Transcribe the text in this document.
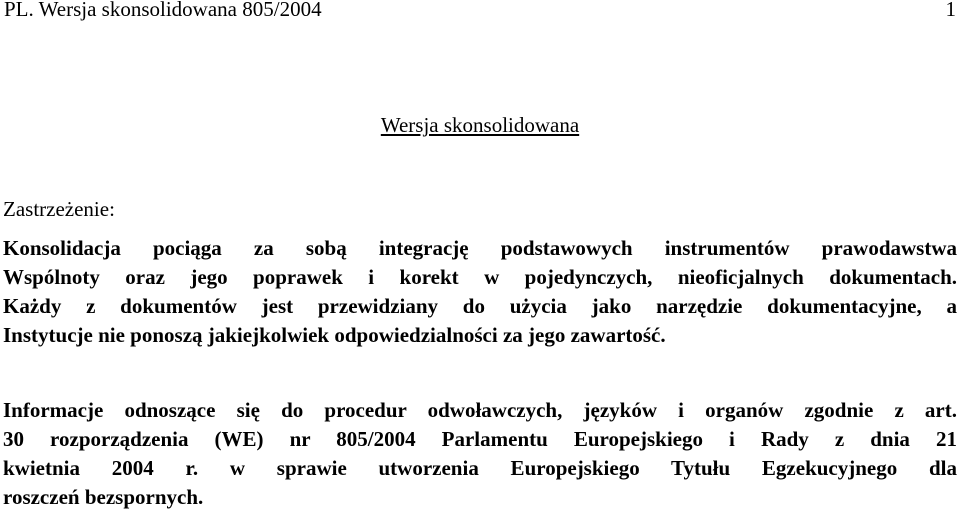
PL. Wersja skonsolidowana 805/2004	1
Wersja skonsolidowana
Zastrzeżenie:
Konsolidacja pociąga za sobą integrację podstawowych instrumentów prawodawstwa
Wspólnoty oraz jego poprawek i korekt w pojedynczych, nieoficjalnych dokumentach.
Każdy z dokumentów jest przewidziany do użycia jako narzędzie dokumentacyjne, a
Instytucje nie ponoszą jakiejkolwiek odpowiedzialności za jego zawartość.
Informacje odnoszące się do procedur odwoławczych, języków i organów zgodnie z art.
30 rozporządzenia (WE) nr 805/2004 Parlamentu Europejskiego i Rady z dnia 21
kwietnia 2004 r. w sprawie utworzenia Europejskiego Tytułu Egzekucyjnego dla
roszczeń bezspornych.
